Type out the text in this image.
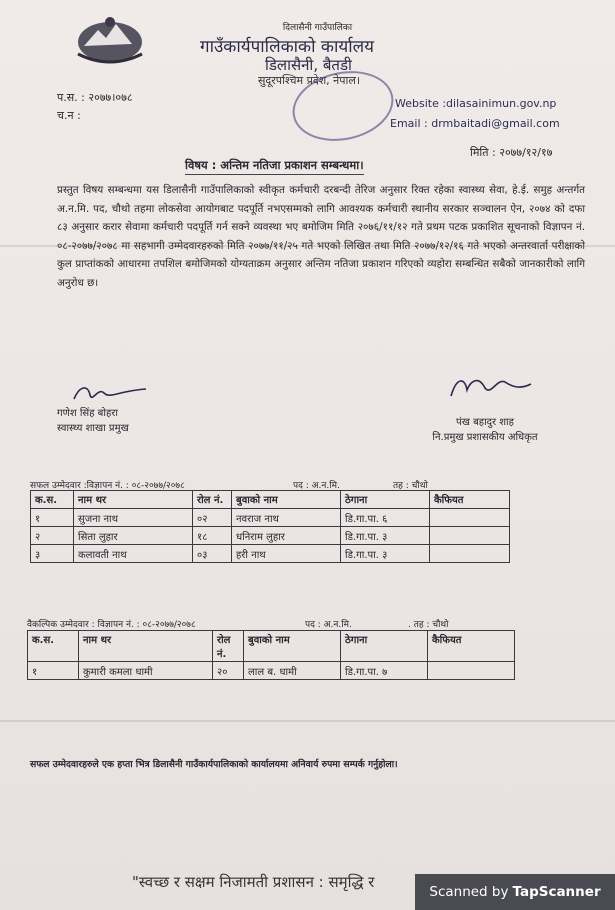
दिलासैनी गाउँपालिका
गाउँकार्यपालिकाको कार्यालय
डिलासैनी, बैतडी
सुदूरपश्चिम प्रदेश, नेपाल।
प.स. : २०७७।०७८
च.न :
Website :dilasainimun.gov.np
Email : drmbaitadi@gmail.com
मिति : २०७७/१२/१७
विषय : अन्तिम नतिजा प्रकाशन सम्बन्धमा।
प्रस्तुत विषय सम्बन्धमा यस डिलासैनी गाउँपालिकाको स्वीकृत कर्मचारी दरबन्दी तेरिज अनुसार रिक्त रहेका स्वास्थ्य सेवा, हे.ई. समुह अन्तर्गत अ.न.मि. पद, चौथो तहमा लोकसेवा आयोगबाट पदपूर्ति नभएसम्मको लागि आवश्यक कर्मचारी स्थानीय सरकार सञ्चालन ऐन, २०७४ को दफा ८३ अनुसार करार सेवामा कर्मचारी पदपूर्ति गर्न सक्ने व्यवस्था भए बमोजिम मिति २०७६/११/१२ गते प्रथम पटक प्रकाशित सूचनाको विज्ञापन नं. ०८-२०७७/२०७८ मा सहभागी उम्मेदवारहरुको मिति २०७७/११/२५ गते भएको लिखित तथा मिति २०७७/१२/१६ गते भएको अन्तरवार्ता परीक्षाको कुल प्राप्तांकको आधारमा तपशिल बमोजिमको योग्यताक्रम अनुसार अन्तिम नतिजा प्रकाशन गरिएको व्यहोरा सम्बन्धित सबैको जानकारीको लागि अनुरोध छ।
गणेश सिंह बोहरा
स्वास्थ्य शाखा प्रमुख
पंख बहादुर शाह
नि.प्रमुख प्रशासकीय अधिकृत
सफल उम्मेदवार :विज्ञापन नं. : ०८-२०७७/२०७८	पद : अ.न.मि.	तह : चौथो
क.स.	नाम थर	रोल नं.	बुवाको नाम	ठेगाना	कैफियत
१	सुजना नाथ	०२	नवराज नाथ	डि.गा.पा. ६	
२	सिता लुहार	१८	धनिराम लुहार	डि.गा.पा. ३	
३	कलावती नाथ	०३	हरी नाथ	डि.गा.पा. ३	
वैकल्पिक उम्मेदवार : विज्ञापन नं. : ०८-२०७७/२०७८	पद : अ.न.मि.	. तह : चौथो
क.स.	नाम थर	रोल नं.	बुवाको नाम	ठेगाना	कैफियत
१	कुमारी कमला धामी	२०	लाल ब. धामी	डि.गा.पा. ७	
सफल उम्मेदवारहरुले एक हप्ता भित्र डिलासैनी गाउँकार्यपालिकाको कार्यालयमा अनिवार्य रुपमा सम्पर्क गर्नुहोला।
"स्वच्छ र सक्षम निजामती प्रशासन : समृद्धि र
Scanned by TapScanner
